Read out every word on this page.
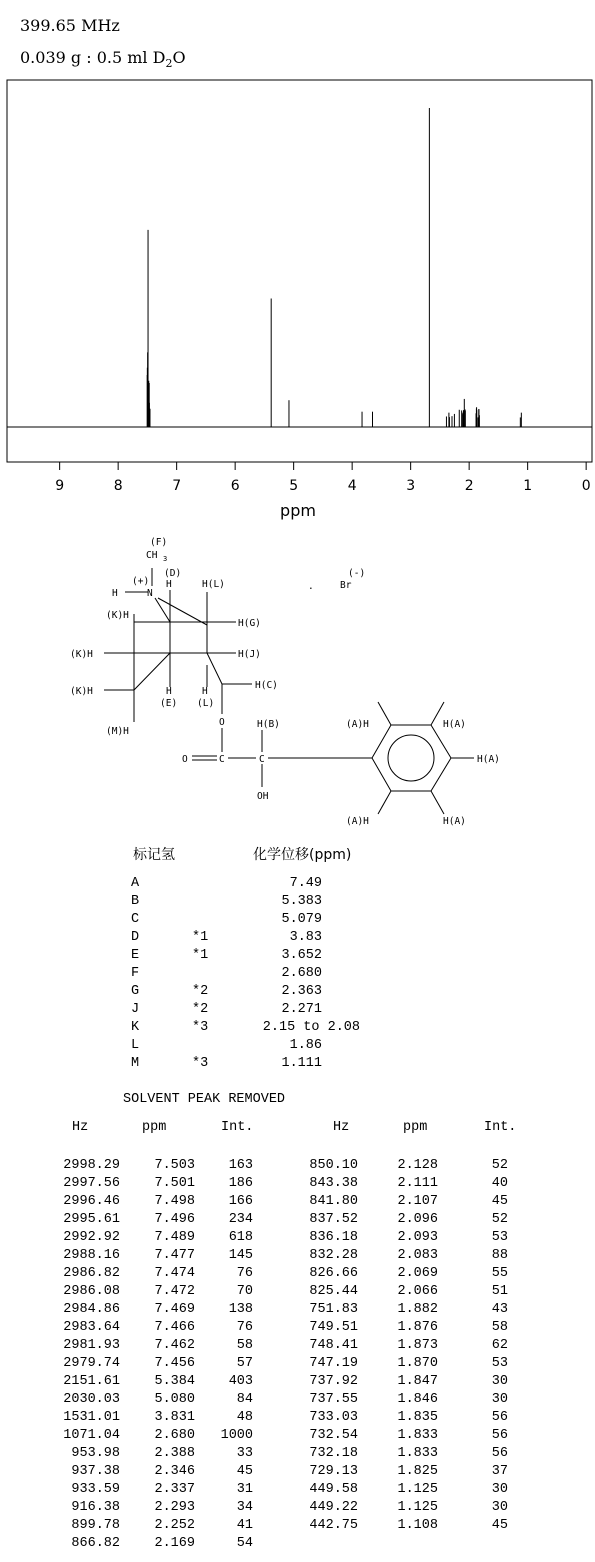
399.65 MHz
0.039 g : 0.5 ml $D_2O$
9	8	7	6	5	4	3	2	1	0
ppm
(F)
CH 3
(+)
(D)
H
H
N
H(L)	.
(-)
Br
(K)H
H(G)
(K)H	H(J)
(K)H	H	H
H(C)
(E) (L)
(M)H
O	(A)H	H(A)
H(B)
O	C	C	H(A)
OH
(A)H	H(A)
标记氢	化学位移(ppm)
A	7.49
B	5.383
C	5.079
D	*1	3.83
E	*1	3.652
F	2.680
G	*2	2.363
J	*2	2.271
K	*3	2.15 to 2.08
L	1.86
M	*3	1.111
SOLVENT PEAK REMOVED
Hz	ppm	Int.	Hz	ppm	Int.
2998.29	7.503 163	850.10	2.128	52
2997.56	7.501 186	843.38	2.111	40
2996.46	7.498 166	841.80	2.107	45
2995.61	7.496 234	837.52	2.096	52
2992.92	7.489 618	836.18	2.093	53
2988.16	7.477 145	832.28	2.083	88
2986.82	7.474	76	826.66	2.069	55
2986.08	7.472	70	825.44	2.066	51
2984.86	7.469 138	751.83	1.882	43
2983.64	7.466	76	749.51	1.876	58
2981.93	7.462	58	748.41	1.873	62
2979.74	7.456	57	747.19	1.870	53
2151.61	5.384 403	737.92	1.847	30
2030.03	5.080	84	737.55	1.846	30
1531.01	3.831	48	733.03	1.835	56
1071.04	2.680 1000	732.54	1.833	56
953.98	2.388	33	732.18	1.833	56
937.38	2.346	45	729.13	1.825	37
933.59	2.337	31	449.58	1.125	30
916.38	2.293	34	449.22	1.125	30
899.78	2.252	41	442.75	1.108	45
866.82	2.169	54
